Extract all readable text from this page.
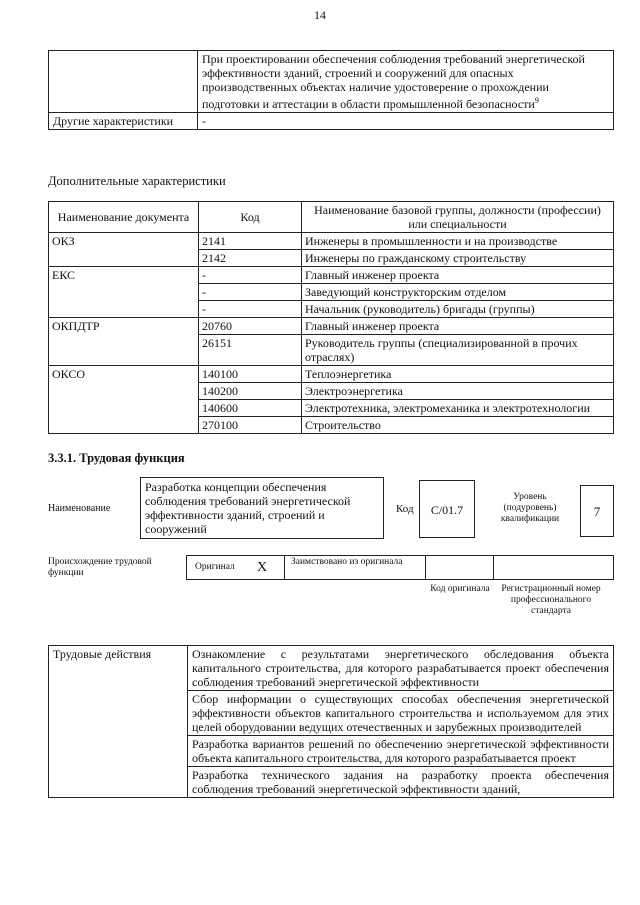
14
	При проектировании обеспечения соблюдения требований энергетической эффективности зданий, строений и сооружений для опасных производственных объектах наличие удостоверение о прохождении подготовки и аттестации в области промышленной безопасности$^9$
Другие характеристики	-
Дополнительные характеристики
Наименование документа	Код	Наименование базовой группы, должности (профессии) или специальности
ОКЗ	2141	Инженеры в промышленности и на производстве
	2142	Инженеры по гражданскому строительству
ЕКС	-	Главный инженер проекта
	-	Заведующий конструкторским отделом
	-	Начальник (руководитель) бригады (группы)
ОКПДТР	20760	Главный инженер проекта
	26151	Руководитель группы (специализированной в прочих отраслях)
ОКСО	140100	Теплоэнергетика
	140200	Электроэнергетика
	140600	Электротехника, электромеханика и электротехнологии
	270100	Строительство
3.3.1. Трудовая функция
Наименование
Разработка концепции обеспечения соблюдения требований энергетической эффективности зданий, строений и сооружений
Код	C/01.7
Уровень (подуровень) квалификации	7
Происхождение трудовой функции
Оригинал X	Заимствовано из оригинала
Код оригинала	Регистрационный номер профессионального стандарта
Трудовые действия	Ознакомление с результатами энергетического обследования объекта капитального строительства, для которого разрабатывается проект обеспечения соблюдения требований энергетической эффективности
Сбор информации о существующих способах обеспечения энергетической эффективности объектов капитального строительства и используемом для этих целей оборудовании ведущих отечественных и зарубежных производителей
Разработка вариантов решений по обеспечению энергетической эффективности объекта капитального строительства, для которого разрабатывается проект
Разработка технического задания на разработку проекта обеспечения соблюдения требований энергетической эффективности зданий,
